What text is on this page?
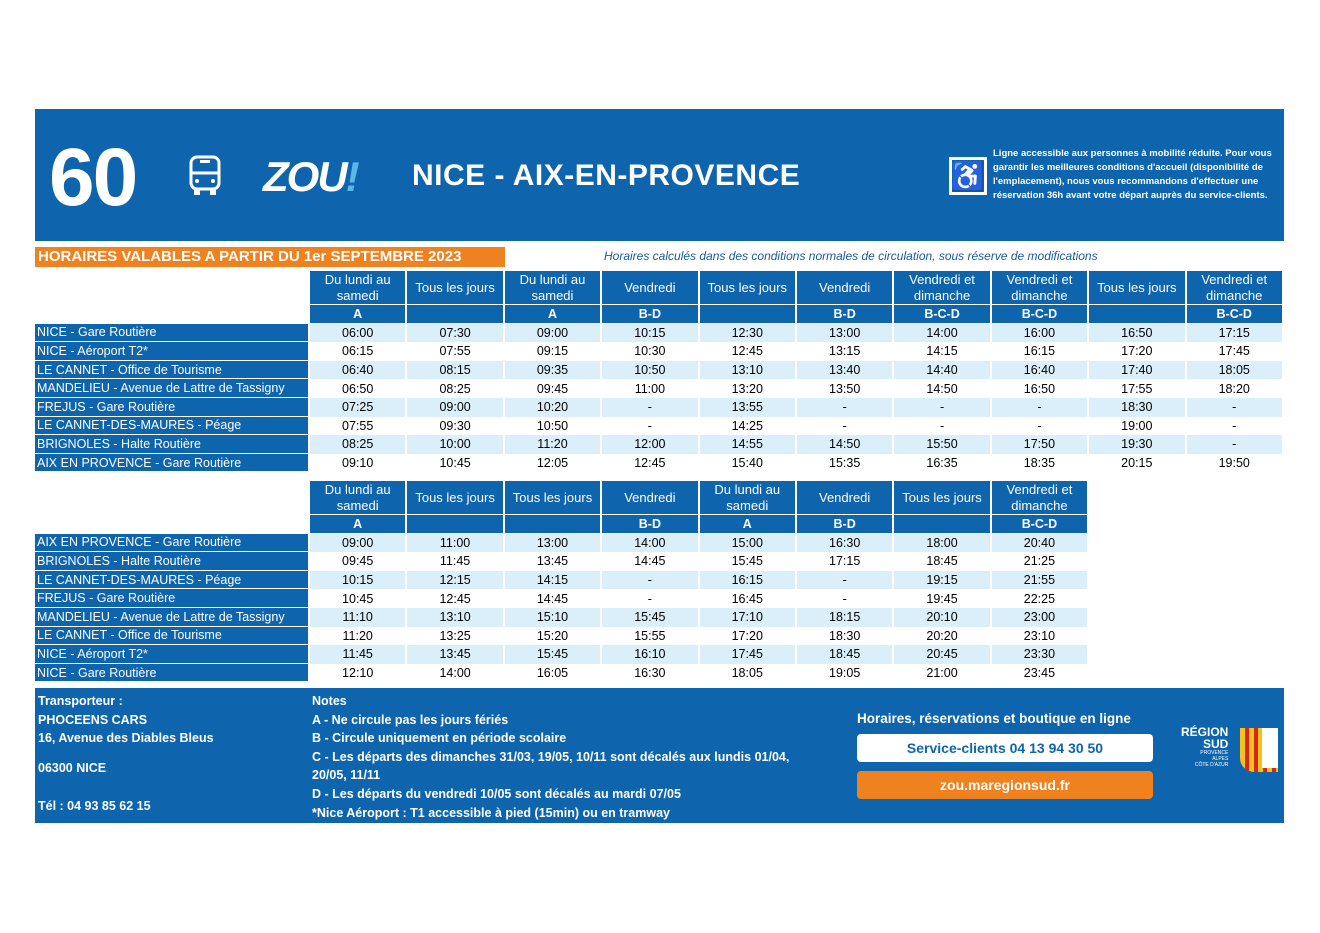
60	ZOU! NICE - AIX-EN-PROVENCE	♿
Ligne accessible aux personnes à mobilité réduite. Pour vous garantir les meilleures conditions d'accueil (disponibilité de l'emplacement), nous vous recommandons d'effectuer une réservation 36h avant votre départ auprès du service-clients.
HORAIRES VALABLES A PARTIR DU 1er SEPTEMBRE 2023	Horaires calculés dans des conditions normales de circulation, sous réserve de modifications
	Du lundi au samedi	Tous les jours	Du lundi au samedi	Vendredi	Tous les jours	Vendredi	Vendredi et dimanche	Vendredi et dimanche	Tous les jours	Vendredi et dimanche
	A		A	B-D		B-D	B-C-D	B-C-D		B-C-D
NICE - Gare Routière	06:00	07:30	09:00	10:15	12:30	13:00	14:00	16:00	16:50	17:15
NICE - Aéroport T2*	06:15	07:55	09:15	10:30	12:45	13:15	14:15	16:15	17:20	17:45
LE CANNET - Office de Tourisme	06:40	08:15	09:35	10:50	13:10	13:40	14:40	16:40	17:40	18:05
MANDELIEU - Avenue de Lattre de Tassigny	06:50	08:25	09:45	11:00	13:20	13:50	14:50	16:50	17:55	18:20
FREJUS - Gare Routière	07:25	09:00	10:20	-	13:55	-	-	-	18:30	-
LE CANNET-DES-MAURES - Péage	07:55	09:30	10:50	-	14:25	-	-	-	19:00	-
BRIGNOLES - Halte Routière	08:25	10:00	11:20	12:00	14:55	14:50	15:50	17:50	19:30	-
AIX EN PROVENCE - Gare Routière	09:10	10:45	12:05	12:45	15:40	15:35	16:35	18:35	20:15	19:50
	Du lundi au samedi	Tous les jours	Tous les jours	Vendredi	Du lundi au samedi	Vendredi	Tous les jours	Vendredi et dimanche
	A			B-D	A	B-D		B-C-D
AIX EN PROVENCE - Gare Routière	09:00	11:00	13:00	14:00	15:00	16:30	18:00	20:40
BRIGNOLES - Halte Routière	09:45	11:45	13:45	14:45	15:45	17:15	18:45	21:25
LE CANNET-DES-MAURES - Péage	10:15	12:15	14:15	-	16:15	-	19:15	21:55
FREJUS - Gare Routière	10:45	12:45	14:45	-	16:45	-	19:45	22:25
MANDELIEU - Avenue de Lattre de Tassigny	11:10	13:10	15:10	15:45	17:10	18:15	20:10	23:00
LE CANNET - Office de Tourisme	11:20	13:25	15:20	15:55	17:20	18:30	20:20	23:10
NICE - Aéroport T2*	11:45	13:45	15:45	16:10	17:45	18:45	20:45	23:30
NICE - Gare Routière	12:10	14:00	16:05	16:30	18:05	19:05	21:00	23:45
Transporteur :
PHOCEENS CARS
16, Avenue des Diables Bleus
06300 NICE
Tél : 04 93 85 62 15
Notes
A - Ne circule pas les jours fériés
B - Circule uniquement en période scolaire
C - Les départs des dimanches 31/03, 19/05, 10/11 sont décalés aux lundis 01/04, 20/05, 11/11
D - Les départs du vendredi 10/05 sont décalés au mardi 07/05
*Nice Aéroport : T1 accessible à pied (15min) ou en tramway
Horaires, réservations et boutique en ligne
Service-clients 04 13 94 30 50
zou.maregionsud.fr
RÉGION
SUD
PROVENCE
ALPES
CÔTE D'AZUR
